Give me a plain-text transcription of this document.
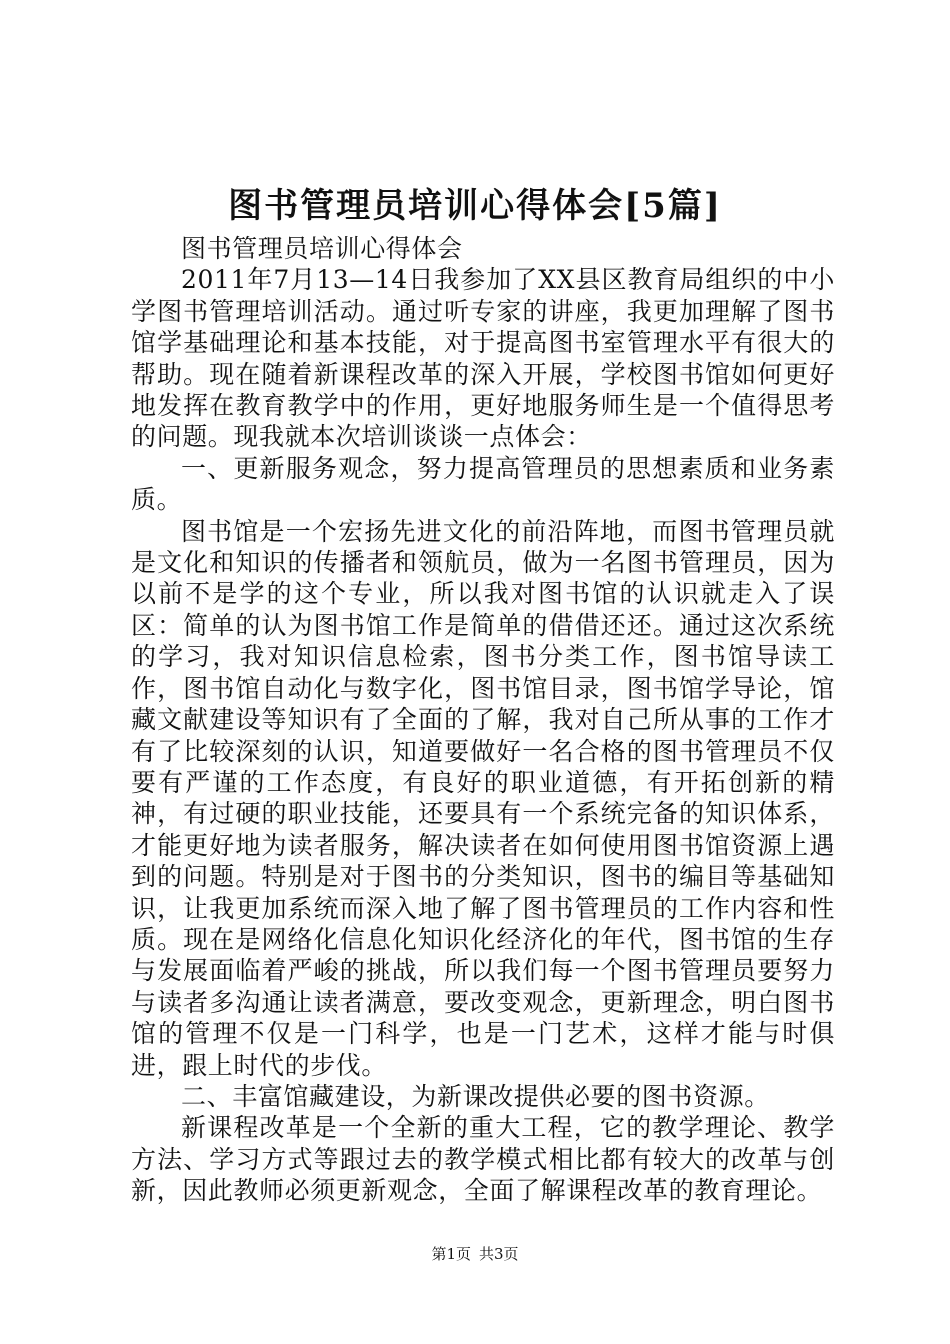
图书管理员培训心得体会[5篇]

图书管理员培训心得体会

2011年7月13—14日我参加了XX县区教育局组织的中小学图书管理培训活动。通过听专家的讲座，我更加理解了图书馆学基础理论和基本技能，对于提高图书室管理水平有很大的帮助。现在随着新课程改革的深入开展，学校图书馆如何更好地发挥在教育教学中的作用，更好地服务师生是一个值得思考的问题。现我就本次培训谈谈一点体会：

一、更新服务观念，努力提高管理员的思想素质和业务素质。

图书馆是一个宏扬先进文化的前沿阵地，而图书管理员就是文化和知识的传播者和领航员，做为一名图书管理员，因为以前不是学的这个专业，所以我对图书馆的认识就走入了误区：简单的认为图书馆工作是简单的借借还还。通过这次系统的学习，我对知识信息检索，图书分类工作，图书馆导读工作，图书馆自动化与数字化，图书馆目录，图书馆学导论，馆藏文献建设等知识有了全面的了解，我对自己所从事的工作才有了比较深刻的认识，知道要做好一名合格的图书管理员不仅要有严谨的工作态度，有良好的职业道德，有开拓创新的精神，有过硬的职业技能，还要具有一个系统完备的知识体系，才能更好地为读者服务，解决读者在如何使用图书馆资源上遇到的问题。特别是对于图书的分类知识，图书的编目等基础知识，让我更加系统而深入地了解了图书管理员的工作内容和性质。现在是网络化信息化知识化经济化的年代，图书馆的生存与发展面临着严峻的挑战，所以我们每一个图书管理员要努力与读者多沟通让读者满意，要改变观念，更新理念，明白图书馆的管理不仅是一门科学，也是一门艺术，这样才能与时俱进，跟上时代的步伐。

二、丰富馆藏建设，为新课改提供必要的图书资源。

新课程改革是一个全新的重大工程，它的教学理论、教学方法、学习方式等跟过去的教学模式相比都有较大的改革与创新，因此教师必须更新观念，全面了解课程改革的教育理论。

第1页 共3页
